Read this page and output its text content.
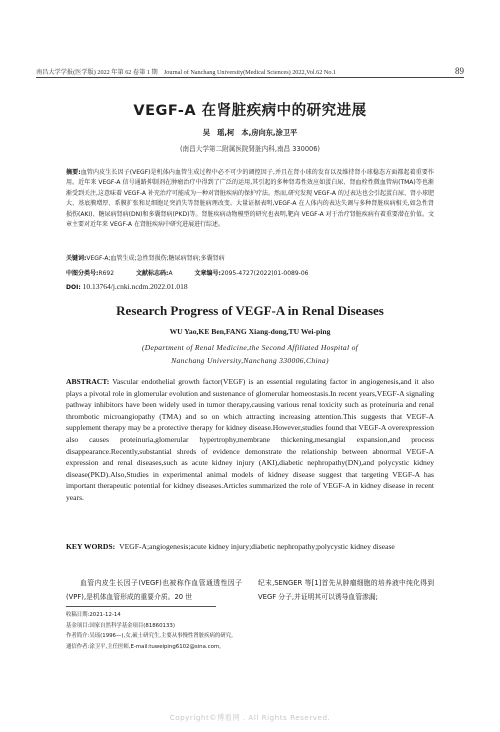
南昌大学学报(医学版) 2022 年第 62 卷第 1 期　Journal of Nanchang University(Medical Sciences) 2022,Vol.62 No.1	89
VEGF-A 在肾脏疾病中的研究进展
吴　瑶,柯　本,房向东,涂卫平
(南昌大学第二附属医院肾脏内科,南昌 330006)
摘要:血管内皮生长因子(VEGF)是机体内血管生成过程中必不可少的调控因子,并且在肾小球的发育以及维持肾小球稳态方面都起着重要作用。近年来 VEGF-A 信号通路抑制剂在肿瘤治疗中得到了广泛的运用,其引起的多种肾毒性效应如蛋白尿、肾血栓性微血管病(TMA)等也渐渐受到关注,这意味着 VEGF-A 补充治疗可能成为一种对肾脏疾病的保护疗法。然而,研究发现 VEGF-A 的过表达也会引起蛋白尿、肾小球肥大、基底膜增厚、系膜扩张和足细胞足突消失等肾脏病理改变。大量证据表明,VEGF-A 在人体内的表达失调与多种肾脏疾病相关,如急性肾损伤(AKI)、糖尿病肾病(DN)和多囊肾病(PKD)等。肾脏疾病动物模型的研究也表明,靶向 VEGF-A 对于治疗肾脏疾病有着重要潜在价值。文章主要对近年来 VEGF-A 在肾脏疾病中研究进展进行综述。
关键词:VEGF-A;血管生成;急性肾损伤;糖尿病肾病;多囊肾病
中图分类号:R692	文献标志码:A	文章编号:2095-4727(2022)01-0089-06
DOI: 10.13764/j.cnki.ncdm.2022.01.018
Research Progress of VEGF-A in Renal Diseases
WU Yao,KE Ben,FANG Xiang-dong,TU Wei-ping
(Department of Renal Medicine,the Second Affiliated Hospital of
Nanchang University,Nanchang 330006,China)
ABSTRACT: Vascular endothelial growth factor(VEGF) is an essential regulating factor in angiogenesis,and it also plays a pivotal role in glomerular evolution and sustenance of glomerular homeostasis.In recent years,VEGF-A signaling pathway inhibitors have been widely used in tumor therapy,causing various renal toxicity such as proteinuria and renal thrombotic microangiopathy (TMA) and so on which attracting increasing attention.This suggests that VEGF-A supplement therapy may be a protective therapy for kidney disease.However,studies found that VEGF-A overexpression also causes proteinuria,glomerular hypertrophy,membrane thickening,mesangial expansion,and process disappearance.Recently,substantial shreds of evidence demonstrate the relationship between abnormal VEGF-A expression and renal diseases,such as acute kidney injury (AKI),diabetic nephropathy(DN),and polycystic kidney disease(PKD).Also,Studies in experimental animal models of kidney disease suggest that targeting VEGF-A has important therapeutic potential for kidney diseases.Articles summarized the role of VEGF-A in kidney disease in recent years.
KEY WORDS: VEGF-A;angiogenesis;acute kidney injury;diabetic nephropathy;polycystic kidney disease
血管内皮生长因子(VEGF)也被称作血管通透性因子(VPF),是机体血管形成的重要介质。20 世
纪末,SENGER 等[1]首先从肿瘤细胞的培养液中纯化得到 VEGF 分子,并证明其可以诱导血管渗漏;
收稿日期:2021-12-14
基金项目:国家自然科学基金项目(81860133)
作者简介:吴瑶(1996—),女,硕士研究生,主要从事慢性肾脏疾病的研究。
通信作者:涂卫平,主任医师,E-mail:tuweiping6102@sina.com。
Copyright©博看网 . All Rights Reserved.
